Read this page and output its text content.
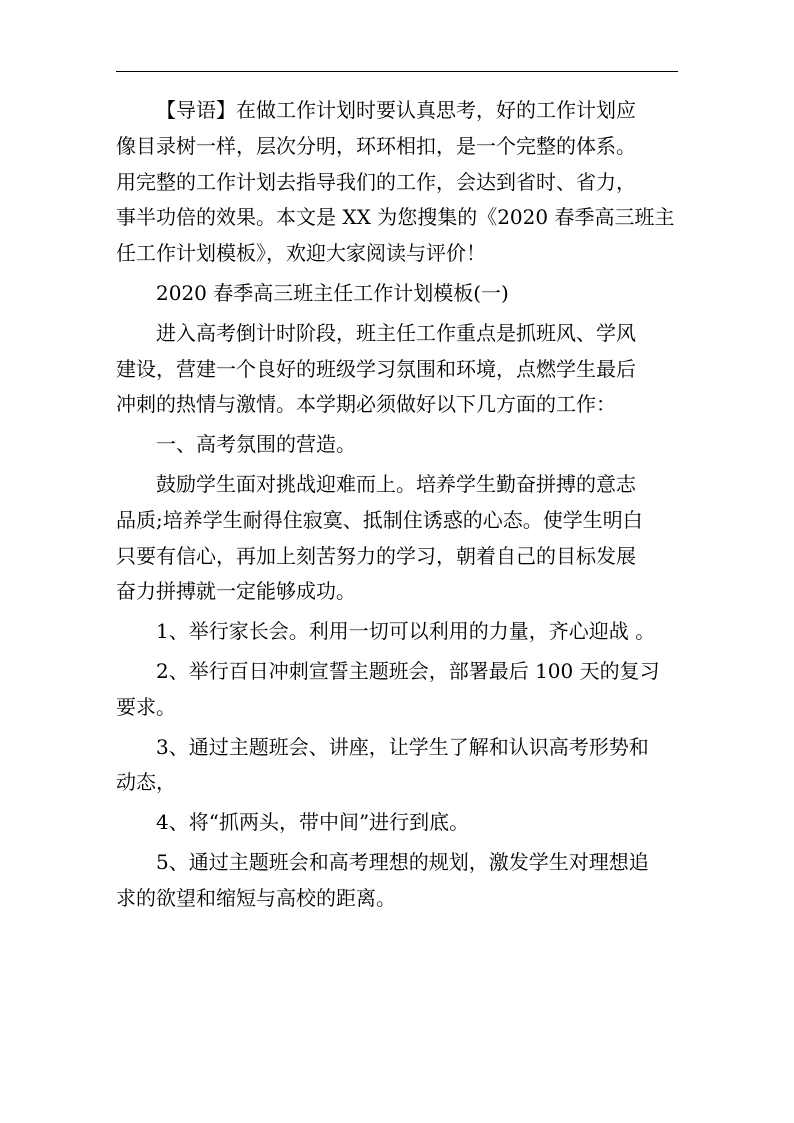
【导语】在做工作计划时要认真思考，好的工作计划应
像目录树一样，层次分明，环环相扣，是一个完整的体系。
用完整的工作计划去指导我们的工作，会达到省时、省力，
事半功倍的效果。本文是 XX 为您搜集的《2020 春季高三班主
任工作计划模板》，欢迎大家阅读与评价！

2020 春季高三班主任工作计划模板(一)

进入高考倒计时阶段，班主任工作重点是抓班风、学风
建设，营建一个良好的班级学习氛围和环境，点燃学生最后
冲刺的热情与激情。本学期必须做好以下几方面的工作：

一、高考氛围的营造。

鼓励学生面对挑战迎难而上。培养学生勤奋拼搏的意志
品质;培养学生耐得住寂寞、抵制住诱惑的心态。使学生明白
只要有信心，再加上刻苦努力的学习，朝着自己的目标发展
奋力拼搏就一定能够成功。

1、举行家长会。利用一切可以利用的力量，齐心迎战 。

2、举行百日冲刺宣誓主题班会，部署最后 100 天的复习
要求。

3、通过主题班会、讲座，让学生了解和认识高考形势和
动态，

4、将“抓两头，带中间”进行到底。

5、通过主题班会和高考理想的规划，激发学生对理想追
求的欲望和缩短与高校的距离。
